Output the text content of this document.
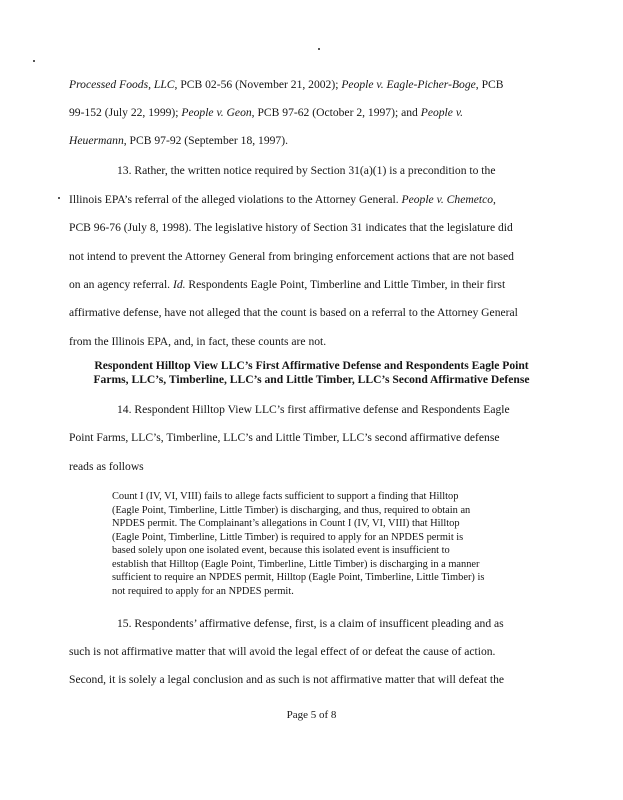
Processed Foods, LLC, PCB 02-56 (November 21, 2002); People v. Eagle-Picher-Boge, PCB
99-152 (July 22, 1999); People v. Geon, PCB 97-62 (October 2, 1997); and People v.
Heuermann, PCB 97-92 (September 18, 1997).
13. Rather, the written notice required by Section 31(a)(1) is a precondition to the
Illinois EPA’s referral of the alleged violations to the Attorney General. People v. Chemetco,
PCB 96-76 (July 8, 1998). The legislative history of Section 31 indicates that the legislature did
not intend to prevent the Attorney General from bringing enforcement actions that are not based
on an agency referral. Id. Respondents Eagle Point, Timberline and Little Timber, in their first
affirmative defense, have not alleged that the count is based on a referral to the Attorney General
from the Illinois EPA, and, in fact, these counts are not.
Respondent Hilltop View LLC’s First Affirmative Defense and Respondents Eagle Point
Farms, LLC’s, Timberline, LLC’s and Little Timber, LLC’s Second Affirmative Defense
14. Respondent Hilltop View LLC’s first affirmative defense and Respondents Eagle
Point Farms, LLC’s, Timberline, LLC’s and Little Timber, LLC’s second affirmative defense
reads as follows
Count I (IV, VI, VIII) fails to allege facts sufficient to support a finding that Hilltop
(Eagle Point, Timberline, Little Timber) is discharging, and thus, required to obtain an
NPDES permit. The Complainant’s allegations in Count I (IV, VI, VIII) that Hilltop
(Eagle Point, Timberline, Little Timber) is required to apply for an NPDES permit is
based solely upon one isolated event, because this isolated event is insufficient to
establish that Hilltop (Eagle Point, Timberline, Little Timber) is discharging in a manner
sufficient to require an NPDES permit, Hilltop (Eagle Point, Timberline, Little Timber) is
not required to apply for an NPDES permit.
15. Respondents’ affirmative defense, first, is a claim of insufficent pleading and as
such is not affirmative matter that will avoid the legal effect of or defeat the cause of action.
Second, it is solely a legal conclusion and as such is not affirmative matter that will defeat the
Page 5 of 8
